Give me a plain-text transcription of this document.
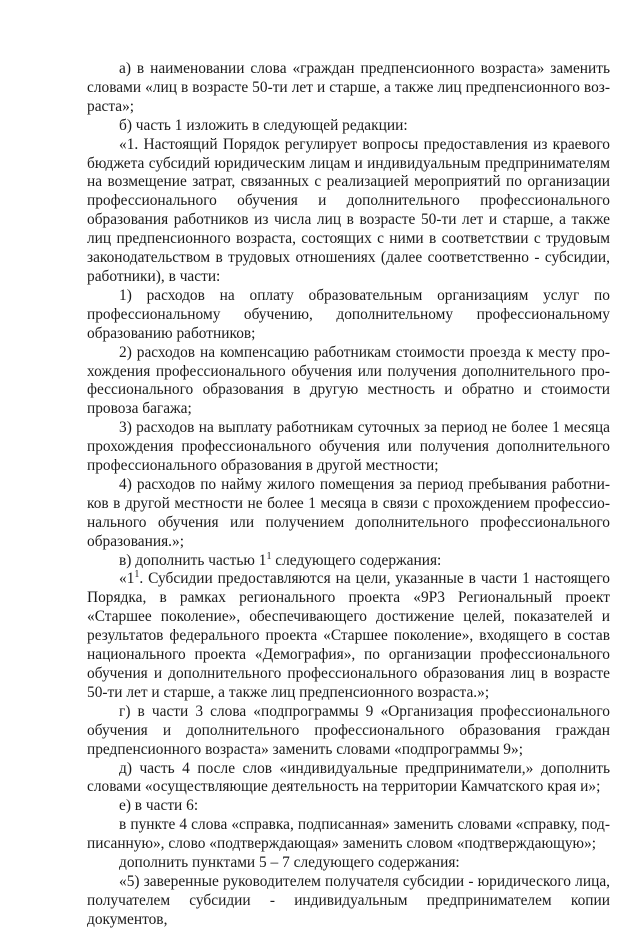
а) в наименовании слова «граждан предпенсионного возраста» заменить словами «лиц в возрасте 50-ти лет и старше, а также лиц предпенсионного возраста»;

б) часть 1 изложить в следующей редакции:

«1. Настоящий Порядок регулирует вопросы предоставления из краевого бюджета субсидий юридическим лицам и индивидуальным предпринимателям на возмещение затрат, связанных с реализацией мероприятий по организации профессионального обучения и дополнительного профессионального образования работников из числа лиц в возрасте 50-ти лет и старше, а также лиц предпенсионного возраста, состоящих с ними в соответствии с трудовым законодательством в трудовых отношениях (далее соответственно - субсидии, работники), в части:

1) расходов на оплату образовательным организациям услуг по профессиональному обучению, дополнительному профессиональному образованию работников;

2) расходов на компенсацию работникам стоимости проезда к месту прохождения профессионального обучения или получения дополнительного профессионального образования в другую местность и обратно и стоимости провоза багажа;

3) расходов на выплату работникам суточных за период не более 1 месяца прохождения профессионального обучения или получения дополнительного профессионального образования в другой местности;

4) расходов по найму жилого помещения за период пребывания работников в другой местности не более 1 месяца в связи с прохождением профессионального обучения или получением дополнительного профессионального образования.»;

в) дополнить частью $1^1$ следующего содержания:

«$1^1$. Субсидии предоставляются на цели, указанные в части 1 настоящего Порядка, в рамках регионального проекта «9Р3 Региональный проект «Старшее поколение», обеспечивающего достижение целей, показателей и результатов федерального проекта «Старшее поколение», входящего в состав национального проекта «Демография», по организации профессионального обучения и дополнительного профессионального образования лиц в возрасте 50-ти лет и старше, а также лиц предпенсионного возраста.»;

г) в части 3 слова «подпрограммы 9 «Организация профессионального обучения и дополнительного профессионального образования граждан предпенсионного возраста» заменить словами «подпрограммы 9»;

д) часть 4 после слов «индивидуальные предприниматели,» дополнить словами «осуществляющие деятельность на территории Камчатского края и»;

е) в части 6:

в пункте 4 слова «справка, подписанная» заменить словами «справку, подписанную», слово «подтверждающая» заменить словом «подтверждающую»;

дополнить пунктами 5 – 7 следующего содержания:

«5) заверенные руководителем получателя субсидии - юридического лица, получателем субсидии - индивидуальным предпринимателем копии документов,
